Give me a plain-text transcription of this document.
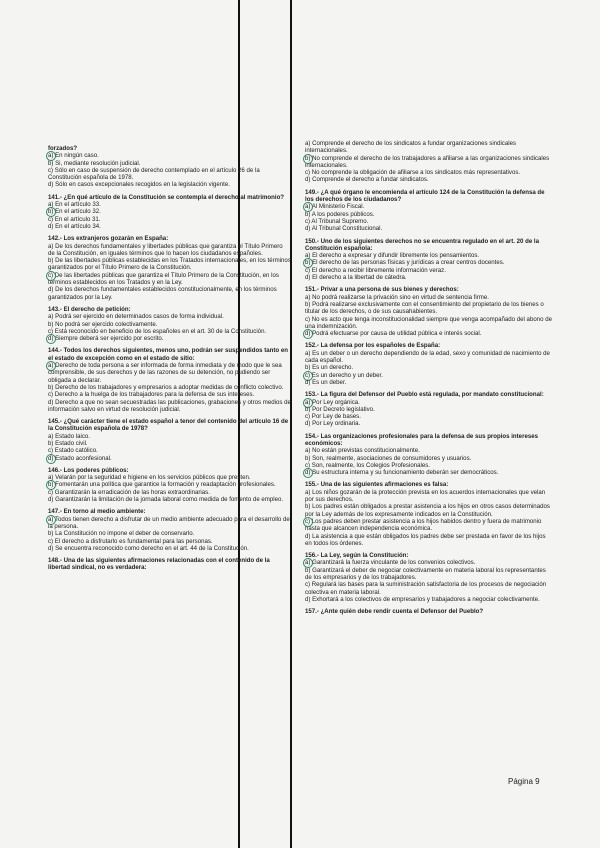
forzados?
a) En ningún caso.
b) Si, mediante resolución judicial.
c) Sólo en caso de suspensión de derecho contemplado en el artículo 26 de la Constitución española de 1978.
d) Sólo en casos excepcionales recogidos en la legislación vigente.
141.- ¿En qué artículo de la Constitución se contempla el derecho al matrimonio?
a) En el artículo 33.
b) En el artículo 32.
c) En el artículo 31.
d) En el artículo 34.
142.- Los extranjeros gozarán en España:
a) De los derechos fundamentales y libertades públicas que garantiza el Título Primero de la Constitución, en iguales términos que lo hacen los ciudadanos españoles.
b) De las libertades públicas establecidas en los Tratados internacionales, en los términos garantizados por el Título Primero de la Constitución.
c) De las libertades públicas que garantiza el Título Primero de la Constitución, en los términos establecidos en los Tratados y en la Ley.
d) De los derechos fundamentales establecidos constitucionalmente, en los términos garantizados por la Ley.
143.- El derecho de petición:
a) Podrá ser ejercido en determinados casos de forma individual.
b) No podrá ser ejercido colectivamente.
c) Está reconocido en beneficio de los españoles en el art. 30 de la Constitución.
d) Siempre deberá ser ejercido por escrito.
144.- Todos los derechos siguientes, menos uno, podrán ser suspendidos tanto en el estado de excepción como en el estado de sitio:
a) Derecho de toda persona a ser informada de forma inmediata y de modo que le sea comprensible, de sus derechos y de las razones de su detención, no pudiendo ser obligada a declarar.
b) Derecho de los trabajadores y empresarios a adoptar medidas de conflicto colectivo.
c) Derecho a la huelga de los trabajadores para la defensa de sus intereses.
d) Derecho a que no sean secuestradas las publicaciones, grabaciones y otros medios de información salvo en virtud de resolución judicial.
145.- ¿Qué carácter tiene el estado español a tenor del contenido del artículo 16 de la Constitución española de 1978?
a) Estado laico.
b) Estado civil.
c) Estado católico.
d) Estado aconfesional.
146.- Los poderes públicos:
a) Velarán por la seguridad e higiene en los servicios públicos que presten.
b) Fomentarán una política que garantice la formación y readaptación profesionales.
c) Garantizarán la erradicación de las horas extraordinarias.
d) Garantizarán la limitación de la jornada laboral como medida de fomento de empleo.
147.- En torno al medio ambiente:
a) Todos tienen derecho a disfrutar de un medio ambiente adecuado para el desarrollo de la persona.
b) La Constitución no impone el deber de conservarlo.
c) El derecho a disfrutarlo es fundamental para las personas.
d) Se encuentra reconocido como derecho en el art. 44 de la Constitución.
148.- Una de las siguientes afirmaciones relacionadas con el contenido de la libertad sindical, no es verdadera:
a) Comprende el derecho de los sindicatos a fundar organizaciones sindicales internacionales.
b) No comprende el derecho de los trabajadores a afiliarse a las organizaciones sindicales internacionales.
c) No comprende la obligación de afiliarse a los sindicatos más representativos.
d) Comprende el derecho a fundar sindicatos.
149.- ¿A qué órgano le encomienda el artículo 124 de la Constitución la defensa de los derechos de los ciudadanos?
a) Al Ministerio Fiscal.
b) A los poderes públicos.
c) Al Tribunal Supremo.
d) Al Tribunal Constitucional.
150.- Uno de los siguientes derechos no se encuentra regulado en el art. 20 de la Constitución española:
a) El derecho a expresar y difundir libremente los pensamientos.
b) El derecho de las personas físicas y jurídicas a crear centros docentes.
c) El derecho a recibir libremente información veraz.
d) El derecho a la libertad de cátedra.
151.- Privar a una persona de sus bienes y derechos:
a) No podrá realizarse la privación sino en virtud de sentencia firme.
b) Podrá realizarse exclusivamente con el consentimiento del propietario de los bienes o titular de los derechos, o de sus causahabientes.
c) No es acto que tenga inconstitucionalidad siempre que venga acompañado del abono de una indemnización.
d) Podrá efectuarse por causa de utilidad pública e interés social.
152.- La defensa por los españoles de España:
a) Es un deber o un derecho dependiendo de la edad, sexo y comunidad de nacimiento de cada español.
b) Es un derecho.
c) Es un derecho y un deber.
d) Es un deber.
153.- La figura del Defensor del Pueblo está regulada, por mandato constitucional:
a) Por Ley orgánica.
b) Por Decreto legislativo.
c) Por Ley de bases.
d) Por Ley ordinaria.
154.- Las organizaciones profesionales para la defensa de sus propios intereses económicos:
a) No están previstas constitucionalmente.
b) Son, realmente, asociaciones de consumidores y usuarios.
c) Son, realmente, los Colegios Profesionales.
d) Su estructura interna y su funcionamiento deberán ser democráticos.
155.- Una de las siguientes afirmaciones es falsa:
a) Los niños gozarán de la protección prevista en los acuerdos internacionales que velan por sus derechos.
b) Los padres están obligados a prestar asistencia a los hijos en otros casos determinados por la Ley además de los expresamente indicados en la Constitución.
c) Los padres deben prestar asistencia a los hijos habidos dentro y fuera de matrimonio hasta que alcancen independencia económica.
d) La asistencia a que están obligados los padres debe ser prestada en favor de los hijos en todos los órdenes.
156.- La Ley, según la Constitución:
a) Garantizará la fuerza vinculante de los convenios colectivos.
b) Garantizará el deber de negociar colectivamente en materia laboral los representantes de los empresarios y de los trabajadores.
c) Regulará las bases para la suministración satisfactoria de los procesos de negociación colectiva en materia laboral.
d) Exhortará a los colectivos de empresarios y trabajadores a negociar colectivamente.
157.- ¿Ante quién debe rendir cuenta el Defensor del Pueblo?
Página 9
